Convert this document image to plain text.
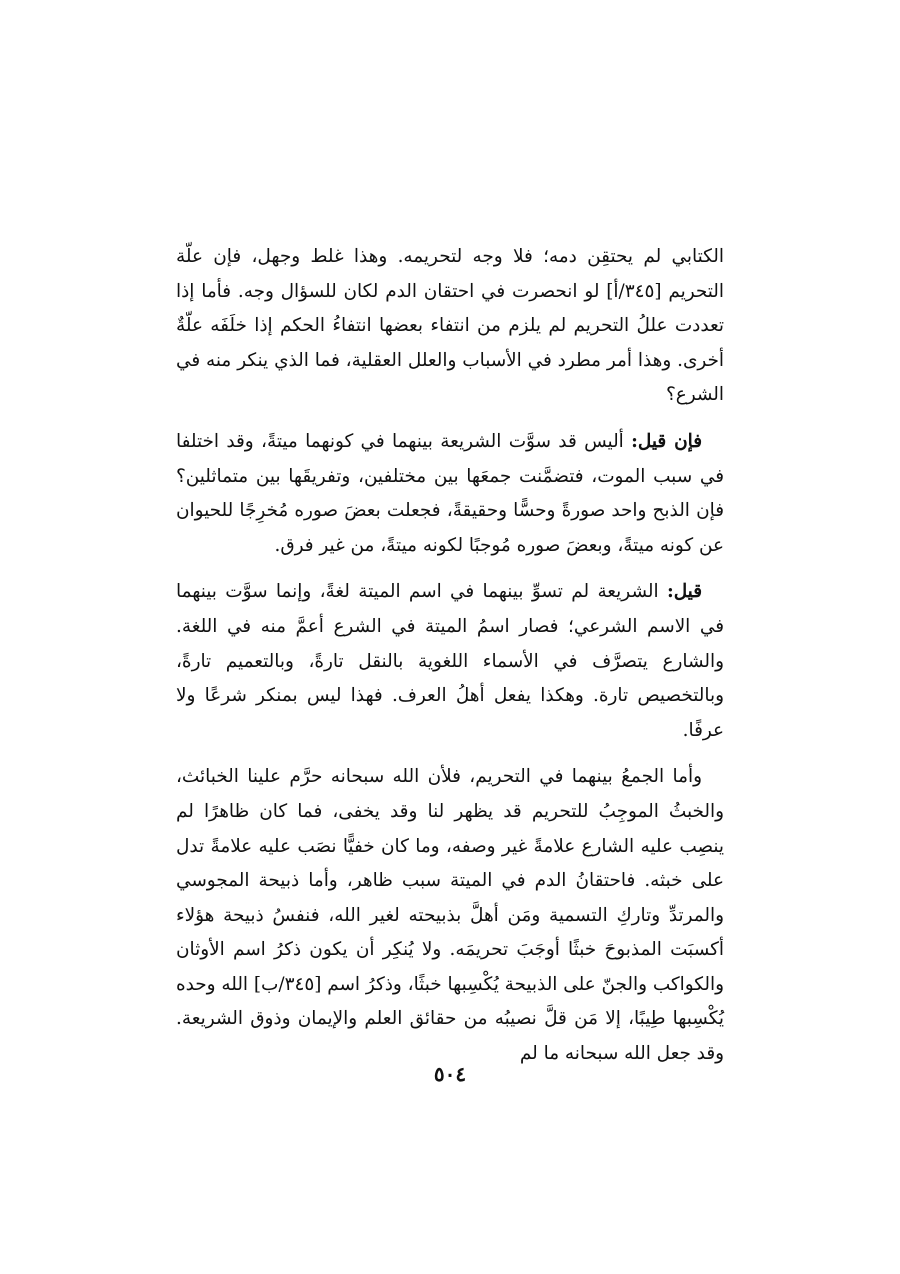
الكتابي لم يحتقِن دمه؛ فلا وجه لتحريمه. وهذا غلط وجهل، فإن علّة التحريم [٣٤٥/أ] لو انحصرت في احتقان الدم لكان للسؤال وجه. فأما إذا تعددت عللُ التحريم لم يلزم من انتفاء بعضها انتفاءُ الحكم إذا خلَفَه علّةٌ أخرى. وهذا أمر مطرد في الأسباب والعلل العقلية، فما الذي ينكر منه في الشرع؟

فإن قيل: أليس قد سوَّت الشريعة بينهما في كونهما ميتةً، وقد اختلفا في سبب الموت، فتضمَّنت جمعَها بين مختلفين، وتفريقَها بين متماثلين؟ فإن الذبح واحد صورةً وحسًّا وحقيقةً، فجعلت بعضَ صوره مُخرِجًا للحيوان عن كونه ميتةً، وبعضَ صوره مُوجبًا لكونه ميتةً، من غير فرق.

قيل: الشريعة لم تسوِّ بينهما في اسم الميتة لغةً، وإنما سوَّت بينهما في الاسم الشرعي؛ فصار اسمُ الميتة في الشرع أعمَّ منه في اللغة. والشارع يتصرَّف في الأسماء اللغوية بالنقل تارةً، وبالتعميم تارةً، وبالتخصيص تارة. وهكذا يفعل أهلُ العرف. فهذا ليس بمنكر شرعًا ولا عرفًا.

وأما الجمعُ بينهما في التحريم، فلأن الله سبحانه حرَّم علينا الخبائث، والخبثُ الموجِبُ للتحريم قد يظهر لنا وقد يخفى، فما كان ظاهرًا لم ينصِب عليه الشارع علامةً غير وصفه، وما كان خفيًّا نصَب عليه علامةً تدل على خبثه. فاحتقانُ الدم في الميتة سبب ظاهر، وأما ذبيحة المجوسي والمرتدِّ وتاركِ التسمية ومَن أهلَّ بذبيحته لغير الله، فنفسُ ذبيحة هؤلاء أكسبَت المذبوحَ خبثًا أوجَبَ تحريمَه. ولا يُنكِر أن يكون ذكرُ اسم الأوثان والكواكب والجنّ على الذبيحة يُكْسِبها خبثًا، وذكرُ اسم [٣٤٥/ب] الله وحده يُكْسِبها طِيبًا، إلا مَن قلَّ نصيبُه من حقائق العلم والإيمان وذوق الشريعة. وقد جعل الله سبحانه ما لم

٥٠٤
